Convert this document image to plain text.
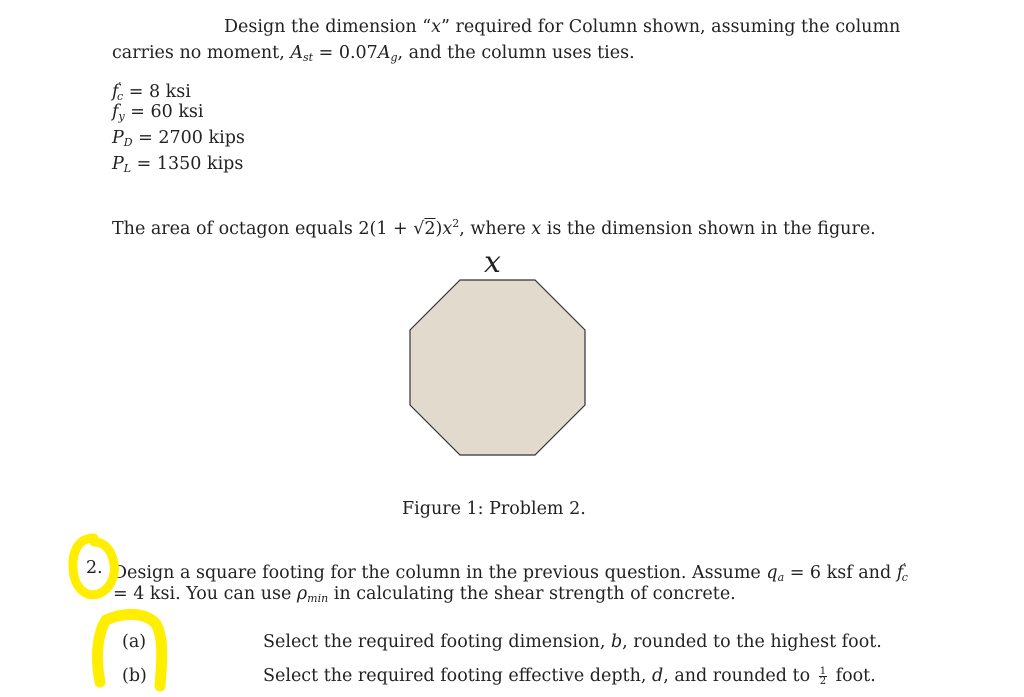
Design the dimension “x” required for Column shown, assuming the column
carries no moment, $A_{st} = 0.07A_g$, and the column uses ties.
$f'_c = 8$ ksi
$f_y = 60$ ksi
$P_D = 2700$ kips
$P_L = 1350$ kips
The area of octagon equals $2(1 + √2)x^2$, where x is the dimension shown in the figure.
x
Figure 1: Problem 2.
2. Design a square footing for the column in the previous question. Assume $q_a = 6$ ksf and $f'_c$
= 4 ksi. You can use $\rho_{min}$ in calculating the shear strength of concrete.
(a)	Select the required footing dimension, b, rounded to the highest foot.
(b)	Select the required footing effective depth, d, and rounded to $\frac{1}{2}$ foot.
